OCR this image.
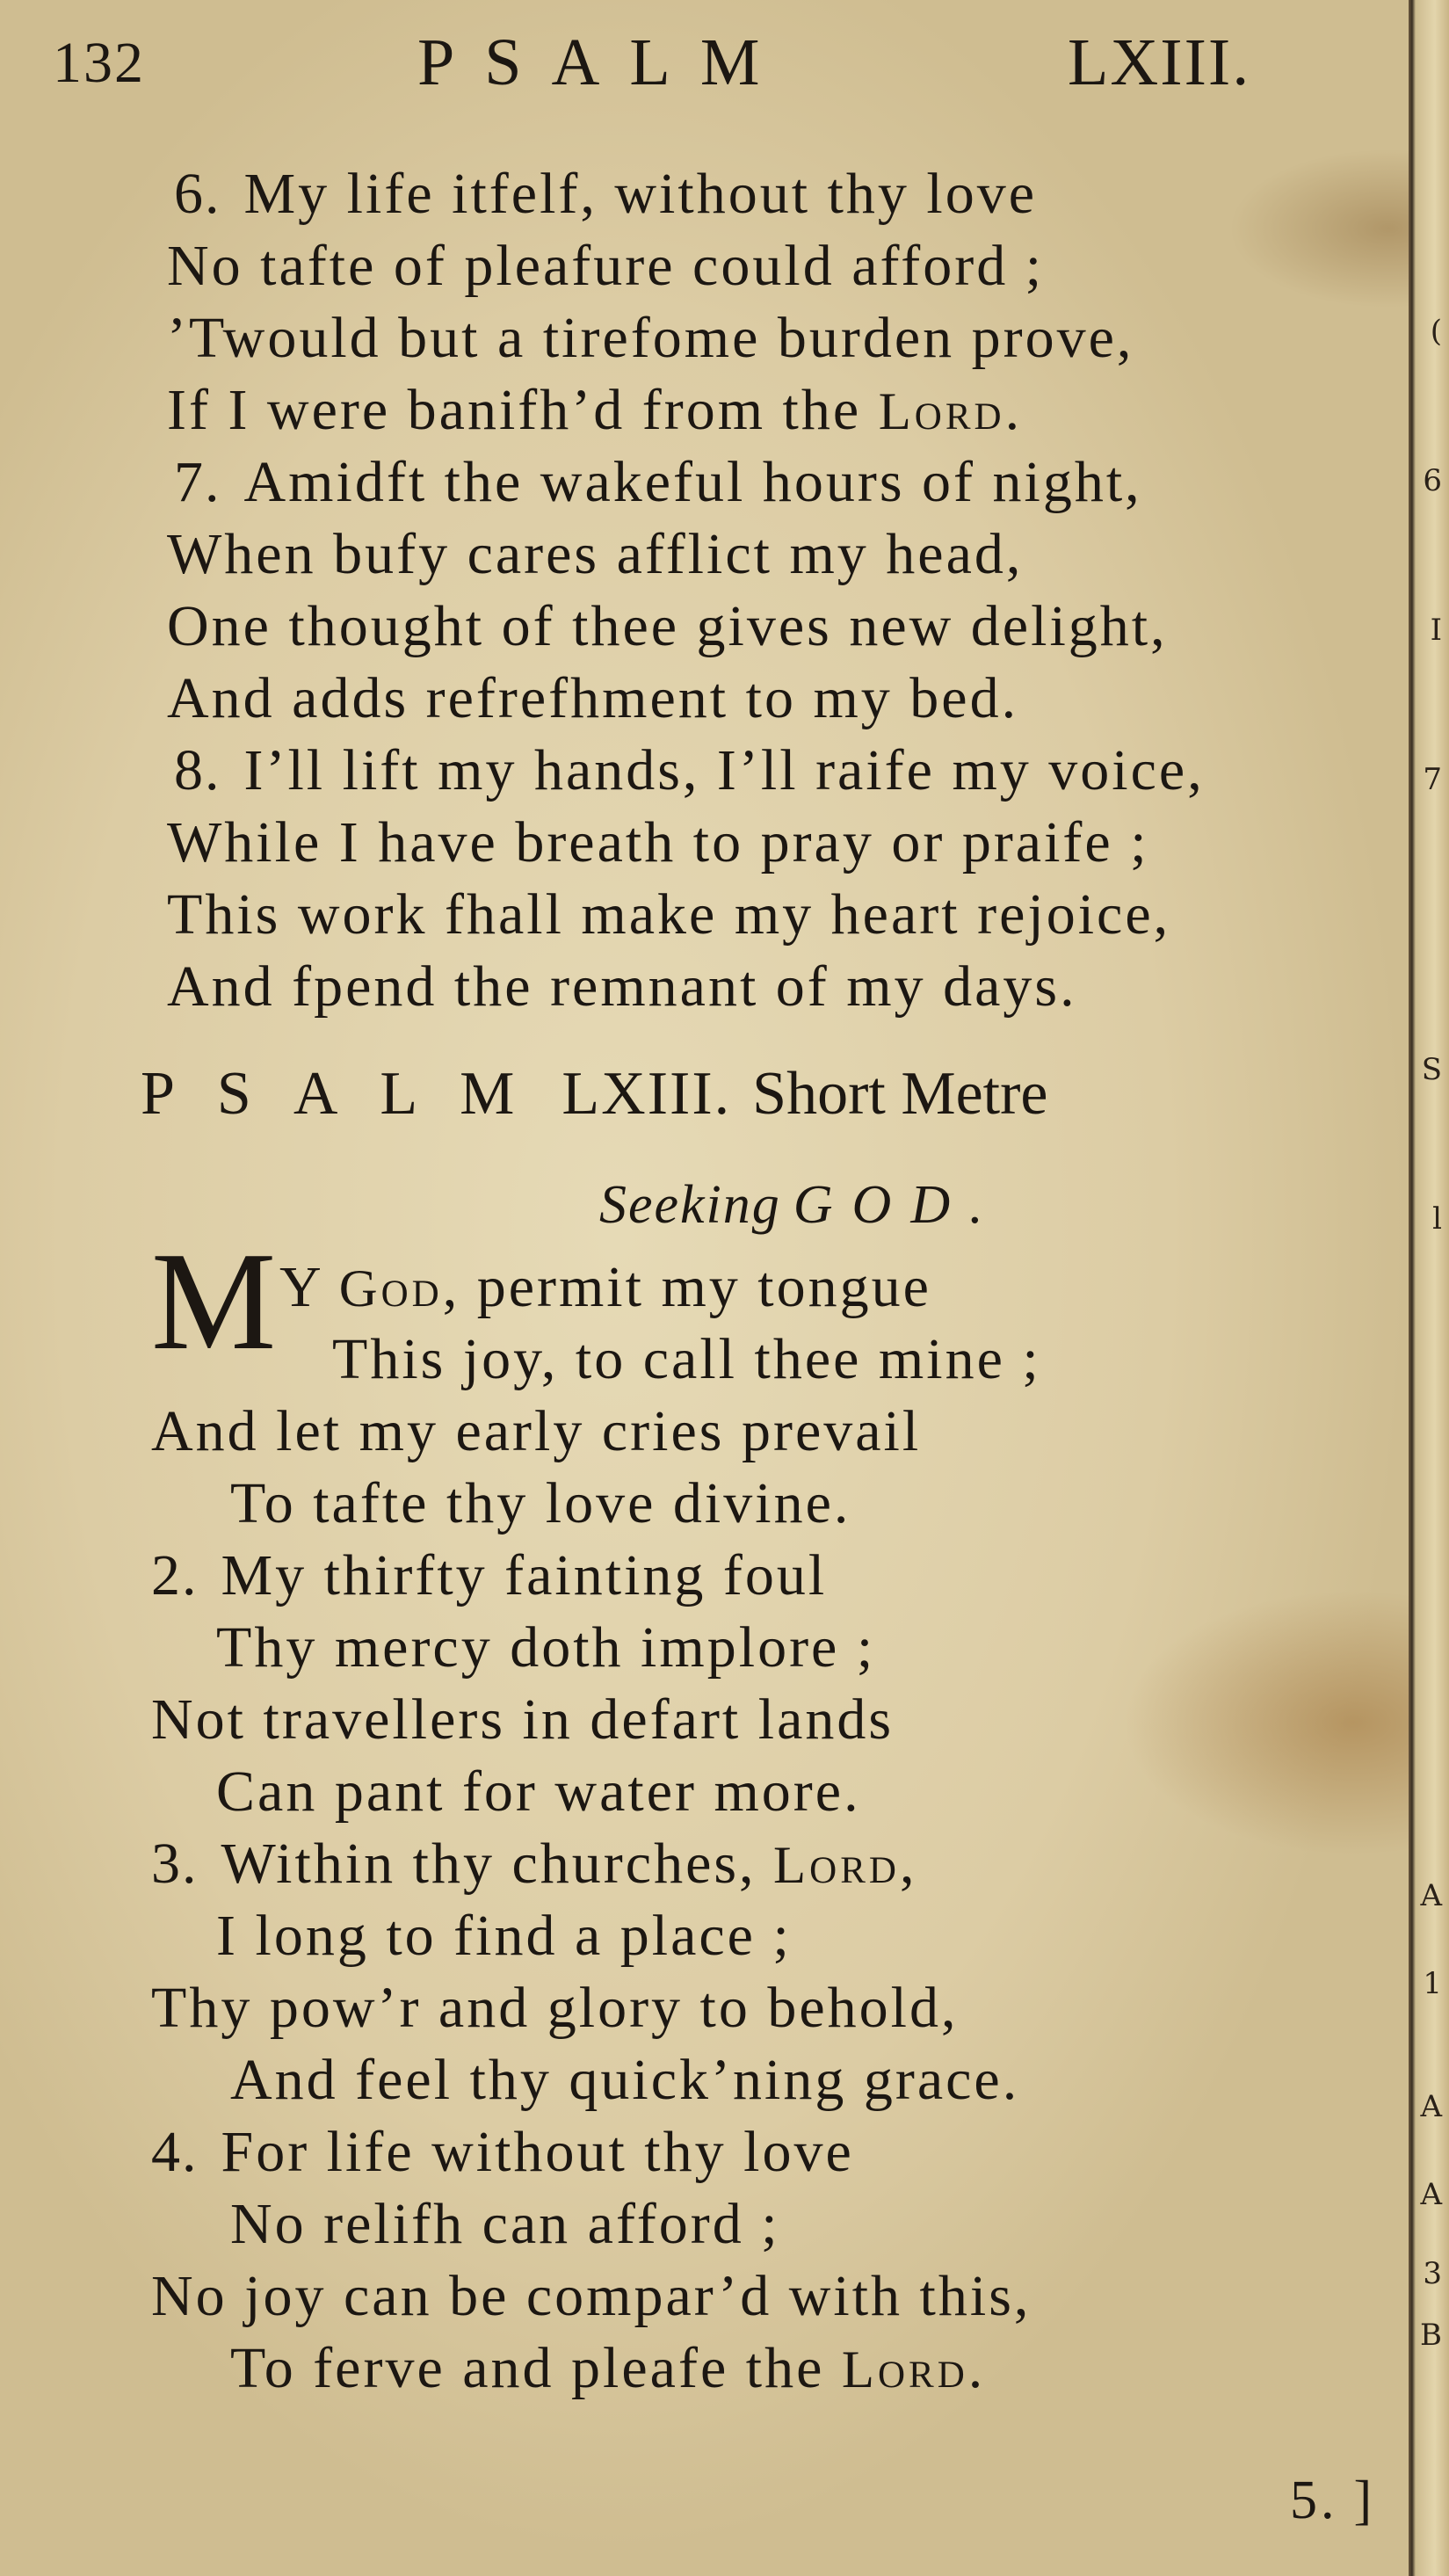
(
6
I
7
S
l
A
1
A
A
3
B
132	PSALM	LXIII.
6. My life itfelf, without thy love
No tafte of pleafure could afford ;
’Twould but a tirefome burden prove,
If I were banifh’d from the Lord.
7. Amidft the wakeful hours of night,
When bufy cares afflict my head,
One thought of thee gives new delight,
And adds refrefhment to my bed.
8. I’ll lift my hands, I’ll raife my voice,
While I have breath to pray or praife ;
This work fhall make my heart rejoice,
And fpend the remnant of my days.
PSALMLXIII. Short Metre
Seeking GOD.
M Y God, permit my tongue
This joy, to call thee mine ;
And let my early cries prevail
To tafte thy love divine.
2. My thirfty fainting foul
Thy mercy doth implore ;
Not travellers in defart lands
Can pant for water more.
3. Within thy churches, Lord,
I long to find a place ;
Thy pow’r and glory to behold,
And feel thy quick’ning grace.
4. For life without thy love
No relifh can afford ;
No joy can be compar’d with this,
To ferve and pleafe the Lord.
5. ]
